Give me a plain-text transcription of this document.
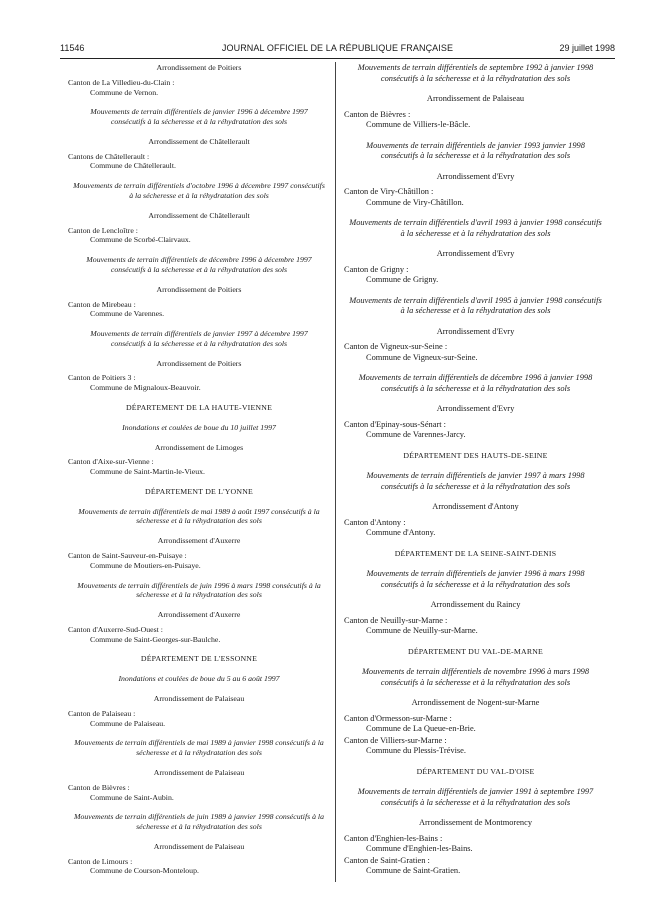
11546	JOURNAL OFFICIEL DE LA RÉPUBLIQUE FRANÇAISE	29 juillet 1998
Arrondissement de Poitiers
Canton de La Villedieu-du-Clain :
Commune de Vernon.
Mouvements de terrain différentiels de janvier 1996 à décembre 1997 consécutifs à la sécheresse et à la réhydratation des sols
Arrondissement de Châtellerault
Cantons de Châtellerault :
Commune de Châtellerault.
Mouvements de terrain différentiels d'octobre 1996 à décembre 1997 consécutifs à la sécheresse et à la réhydratation des sols
Arrondissement de Châtellerault
Canton de Lencloître :
Commune de Scorbé-Clairvaux.
Mouvements de terrain différentiels de décembre 1996 à décembre 1997 consécutifs à la sécheresse et à la réhydratation des sols
Arrondissement de Poitiers
Canton de Mirebeau :
Commune de Varennes.
Mouvements de terrain différentiels de janvier 1997 à décembre 1997 consécutifs à la sécheresse et à la réhydratation des sols
Arrondissement de Poitiers
Canton de Poitiers 3 :
Commune de Mignaloux-Beauvoir.
DÉPARTEMENT DE LA HAUTE-VIENNE
Inondations et coulées de boue du 10 juillet 1997
Arrondissement de Limoges
Canton d'Aixe-sur-Vienne :
Commune de Saint-Martin-le-Vieux.
DÉPARTEMENT DE L'YONNE
Mouvements de terrain différentiels de mai 1989 à août 1997 consécutifs à la sécheresse et à la réhydratation des sols
Arrondissement d'Auxerre
Canton de Saint-Sauveur-en-Puisaye :
Commune de Moutiers-en-Puisaye.
Mouvements de terrain différentiels de juin 1996 à mars 1998 consécutifs à la sécheresse et à la réhydratation des sols
Arrondissement d'Auxerre
Canton d'Auxerre-Sud-Ouest :
Commune de Saint-Georges-sur-Baulche.
DÉPARTEMENT DE L'ESSONNE
Inondations et coulées de boue du 5 au 6 août 1997
Arrondissement de Palaiseau
Canton de Palaiseau :
Commune de Palaiseau.
Mouvements de terrain différentiels de mai 1989 à janvier 1998 consécutifs à la sécheresse et à la réhydratation des sols
Arrondissement de Palaiseau
Canton de Bièvres :
Commune de Saint-Aubin.
Mouvements de terrain différentiels de juin 1989 à janvier 1998 consécutifs à la sécheresse et à la réhydratation des sols
Arrondissement de Palaiseau
Canton de Limours :
Commune de Courson-Monteloup.
Mouvements de terrain différentiels de septembre 1992 à janvier 1998 consécutifs à la sécheresse et à la réhydratation des sols
Arrondissement de Palaiseau
Canton de Bièvres :
Commune de Villiers-le-Bâcle.
Mouvements de terrain différentiels de janvier 1993 janvier 1998 consécutifs à la sécheresse et à la réhydratation des sols
Arrondissement d'Evry
Canton de Viry-Châtillon :
Commune de Viry-Châtillon.
Mouvements de terrain différentiels d'avril 1993 à janvier 1998 consécutifs à la sécheresse et à la réhydratation des sols
Arrondissement d'Evry
Canton de Grigny :
Commune de Grigny.
Mouvements de terrain différentiels d'avril 1995 à janvier 1998 consécutifs à la sécheresse et à la réhydratation des sols
Arrondissement d'Evry
Canton de Vigneux-sur-Seine :
Commune de Vigneux-sur-Seine.
Mouvements de terrain différentiels de décembre 1996 à janvier 1998 consécutifs à la sécheresse et à la réhydratation des sols
Arrondissement d'Evry
Canton d'Epinay-sous-Sénart :
Commune de Varennes-Jarcy.
DÉPARTEMENT DES HAUTS-DE-SEINE
Mouvements de terrain différentiels de janvier 1997 à mars 1998 consécutifs à la sécheresse et à la réhydratation des sols
Arrondissement d'Antony
Canton d'Antony :
Commune d'Antony.
DÉPARTEMENT DE LA SEINE-SAINT-DENIS
Mouvements de terrain différentiels de janvier 1996 à mars 1998 consécutifs à la sécheresse et à la réhydratation des sols
Arrondissement du Raincy
Canton de Neuilly-sur-Marne :
Commune de Neuilly-sur-Marne.
DÉPARTEMENT DU VAL-DE-MARNE
Mouvements de terrain différentiels de novembre 1996 à mars 1998 consécutifs à la sécheresse et à la réhydratation des sols
Arrondissement de Nogent-sur-Marne
Canton d'Ormesson-sur-Marne :
Commune de La Queue-en-Brie.
Canton de Villiers-sur-Marne :
Commune du Plessis-Trévise.
DÉPARTEMENT DU VAL-D'OISE
Mouvements de terrain différentiels de janvier 1991 à septembre 1997 consécutifs à la sécheresse et à la réhydratation des sols
Arrondissement de Montmorency
Canton d'Enghien-les-Bains :
Commune d'Enghien-les-Bains.
Canton de Saint-Gratien :
Commune de Saint-Gratien.
